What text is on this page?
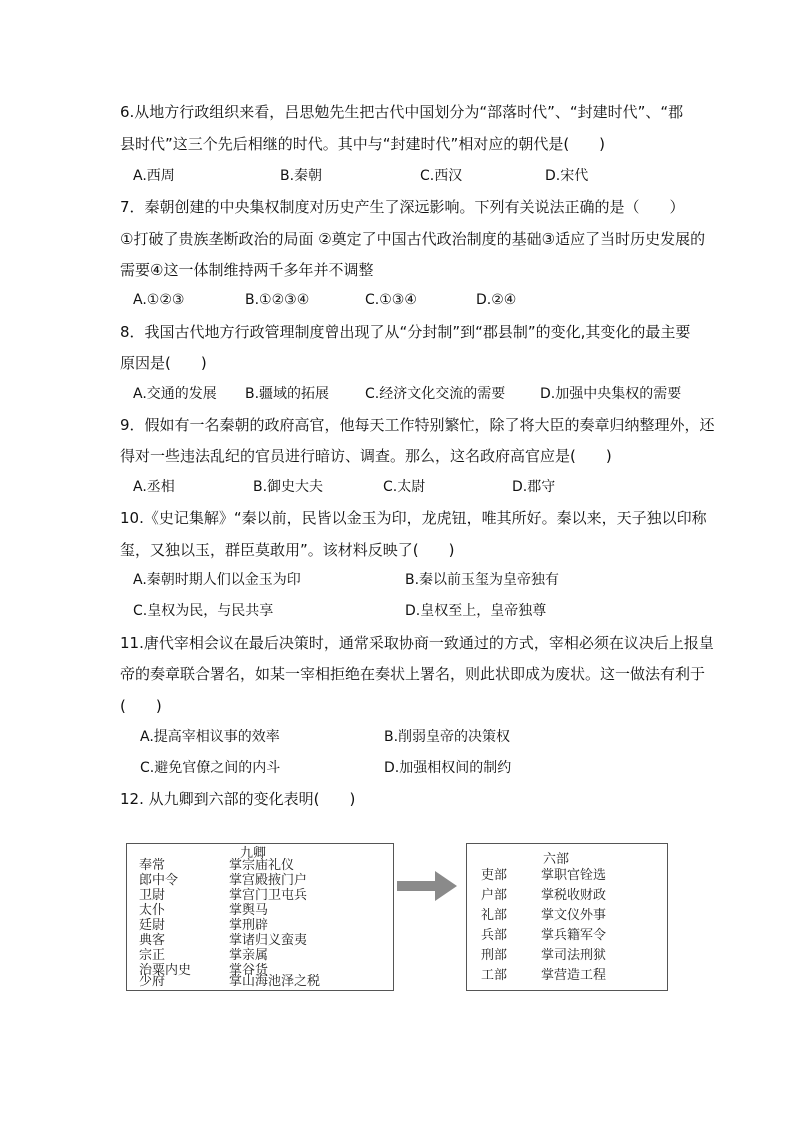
6.从地方行政组织来看，吕思勉先生把古代中国划分为“部落时代”、“封建时代”、“郡
县时代”这三个先后相继的时代。其中与“封建时代”相对应的朝代是(　　)
A.西周	B.秦朝	C.西汉	D.宋代
7．秦朝创建的中央集权制度对历史产生了深远影响。下列有关说法正确的是（　　）
①打破了贵族垄断政治的局面 ②奠定了中国古代政治制度的基础③适应了当时历史发展的
需要④这一体制维持两千多年并不调整
A.①②③	B.①②③④	C.①③④	D.②④
8．我国古代地方行政管理制度曾出现了从“分封制”到“郡县制”的变化,其变化的最主要
原因是(　　)
A.交通的发展 B.疆域的拓展	C.经济文化交流的需要 D.加强中央集权的需要
9．假如有一名秦朝的政府高官，他每天工作特别繁忙，除了将大臣的奏章归纳整理外，还
得对一些违法乱纪的官员进行暗访、调查。那么，这名政府高官应是(　　)
A.丞相	B.御史大夫	C.太尉	D.郡守
10.《史记集解》“秦以前，民皆以金玉为印，龙虎钮，唯其所好。秦以来，天子独以印称
玺，又独以玉，群臣莫敢用”。该材料反映了(　　)
A.秦朝时期人们以金玉为印	B.秦以前玉玺为皇帝独有
C.皇权为民，与民共享	D.皇权至上，皇帝独尊
11.唐代宰相会议在最后决策时，通常采取协商一致通过的方式，宰相必须在议决后上报皇
帝的奏章联合署名，如某一宰相拒绝在奏状上署名，则此状即成为废状。这一做法有利于
(　　)
A.提高宰相议事的效率	B.削弱皇帝的决策权
C.避免官僚之间的内斗	D.加强相权间的制约
12. 从九卿到六部的变化表明(　　)
九卿
奉常	掌宗庙礼仪
郎中令	掌宫殿掖门户
卫尉	掌宫门卫屯兵
太仆	掌舆马
廷尉	掌刑辟
典客	掌诸归义蛮夷
宗正	掌亲属
治粟内史	掌谷货
少府	掌山海池泽之税
六部
吏部	掌职官铨选
户部	掌税收财政
礼部	掌文仪外事
兵部	掌兵籍军令
刑部	掌司法刑狱
工部	掌营造工程
